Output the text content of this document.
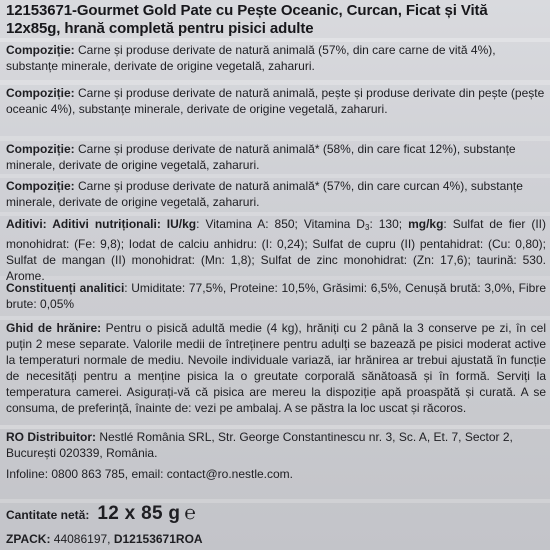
12153671-Gourmet Gold Pate cu Pește Oceanic, Curcan, Ficat și Vită 12x85g, hrană completă pentru pisici adulte
Compoziție: Carne și produse derivate de natură animală (57%, din care carne de vită 4%), substanțe minerale, derivate de origine vegetală, zaharuri.
Compoziție: Carne și produse derivate de natură animală, pește și produse derivate din pește (pește oceanic 4%), substanțe minerale, derivate de origine vegetală, zaharuri.
Compoziție: Carne și produse derivate de natură animală* (58%, din care ficat 12%), substanțe minerale, derivate de origine vegetală, zaharuri.
Compoziție: Carne și produse derivate de natură animală* (57%, din care curcan 4%), substanțe minerale, derivate de origine vegetală, zaharuri.
Aditivi: Aditivi nutriționali: IU/kg: Vitamina A: 850; Vitamina $D_3$: 130; mg/kg: Sulfat de fier (II) monohidrat: (Fe: 9,8); Iodat de calciu anhidru: (I: 0,24); Sulfat de cupru (II) pentahidrat: (Cu: 0,80); Sulfat de mangan (II) monohidrat: (Mn: 1,8); Sulfat de zinc monohidrat: (Zn: 17,6); taurină: 530. Arome.
Constituenți analitici: Umiditate: 77,5%, Proteine: 10,5%, Grăsimi: 6,5%, Cenușă brută: 3,0%, Fibre brute: 0,05%
Ghid de hrănire: Pentru o pisică adultă medie (4 kg), hrăniți cu 2 până la 3 conserve pe zi, în cel puțin 2 mese separate. Valorile medii de întreținere pentru adulți se bazează pe pisici moderat active la temperaturi normale de mediu. Nevoile individuale variază, iar hrănirea ar trebui ajustată în funcție de necesități pentru a menține pisica la o greutate corporală sănătoasă și în formă. Serviți la temperatura camerei. Asigurați-vă că pisica are mereu la dispoziție apă proaspătă și curată. A se consuma, de preferință, înainte de: vezi pe ambalaj. A se păstra la loc uscat și răcoros.
RO Distribuitor: Nestlé România SRL, Str. George Constantinescu nr. 3, Sc. A, Et. 7, Sector 2, București 020339, România.
Infoline: 0800 863 785, email: contact@ro.nestle.com.
Cantitate netă: 12 x 85 g ℮
ZPACK: 44086197, D12153671ROA
